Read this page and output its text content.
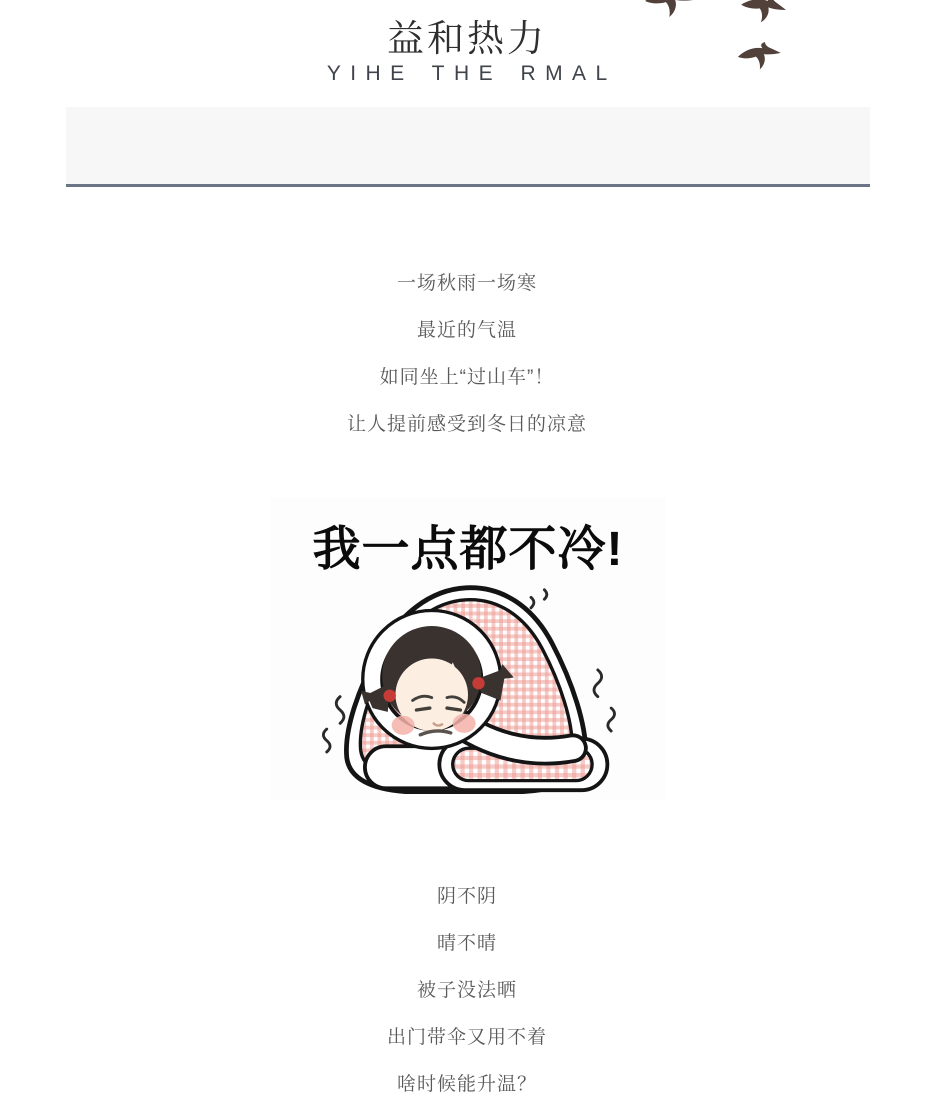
益和热力
YIHE THE RMAL

一场秋雨一场寒

最近的气温

如同坐上“过山车”！

让人提前感受到冬日的凉意

我一点都不冷!

阴不阴

晴不晴

被子没法晒

出门带伞又用不着

啥时候能升温？
